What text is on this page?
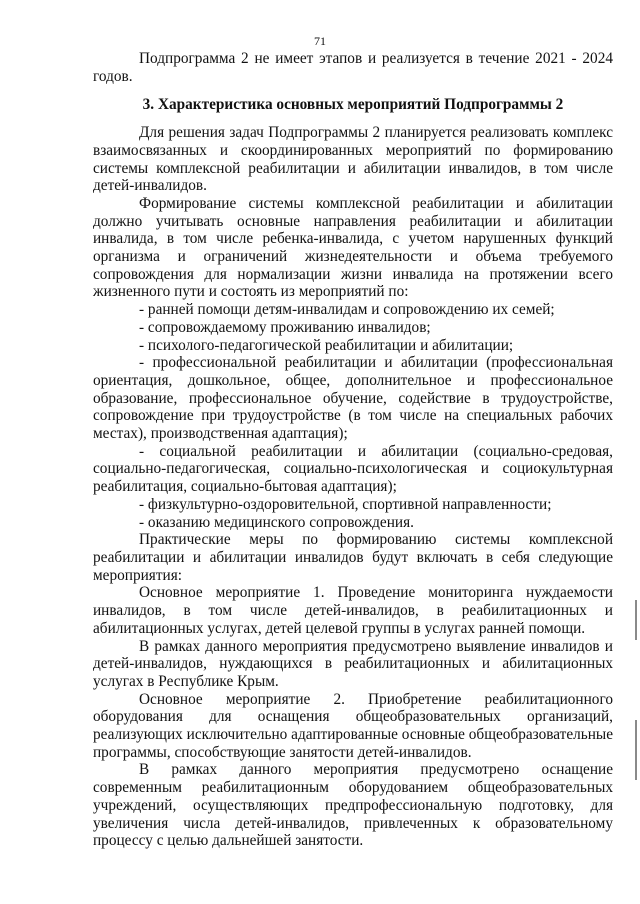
71

Подпрограмма 2 не имеет этапов и реализуется в течение 2021 - 2024 годов.

3. Характеристика основных мероприятий Подпрограммы 2

Для решения задач Подпрограммы 2 планируется реализовать комплекс взаимосвязанных и скоординированных мероприятий по формированию системы комплексной реабилитации и абилитации инвалидов, в том числе детей-инвалидов.

Формирование системы комплексной реабилитации и абилитации должно учитывать основные направления реабилитации и абилитации инвалида, в том числе ребенка-инвалида, с учетом нарушенных функций организма и ограничений жизнедеятельности и объема требуемого сопровождения для нормализации жизни инвалида на протяжении всего жизненного пути и состоять из мероприятий по:

- ранней помощи детям-инвалидам и сопровождению их семей;

- сопровождаемому проживанию инвалидов;

- психолого-педагогической реабилитации и абилитации;

- профессиональной реабилитации и абилитации (профессиональная ориентация, дошкольное, общее, дополнительное и профессиональное образование, профессиональное обучение, содействие в трудоустройстве, сопровождение при трудоустройстве (в том числе на специальных рабочих местах), производственная адаптация);

- социальной реабилитации и абилитации (социально-средовая, социально-педагогическая, социально-психологическая и социокультурная реабилитация, социально-бытовая адаптация);

- физкультурно-оздоровительной, спортивной направленности;

- оказанию медицинского сопровождения.

Практические меры по формированию системы комплексной реабилитации и абилитации инвалидов будут включать в себя следующие мероприятия:

Основное мероприятие 1. Проведение мониторинга нуждаемости инвалидов, в том числе детей-инвалидов, в реабилитационных и абилитационных услугах, детей целевой группы в услугах ранней помощи.

В рамках данного мероприятия предусмотрено выявление инвалидов и детей-инвалидов, нуждающихся в реабилитационных и абилитационных услугах в Республике Крым.

Основное мероприятие 2. Приобретение реабилитационного оборудования для оснащения общеобразовательных организаций, реализующих исключительно адаптированные основные общеобразовательные программы, способствующие занятости детей-инвалидов.

В рамках данного мероприятия предусмотрено оснащение современным реабилитационным оборудованием общеобразовательных учреждений, осуществляющих предпрофессиональную подготовку, для увеличения числа детей-инвалидов, привлеченных к образовательному процессу с целью дальнейшей занятости.
